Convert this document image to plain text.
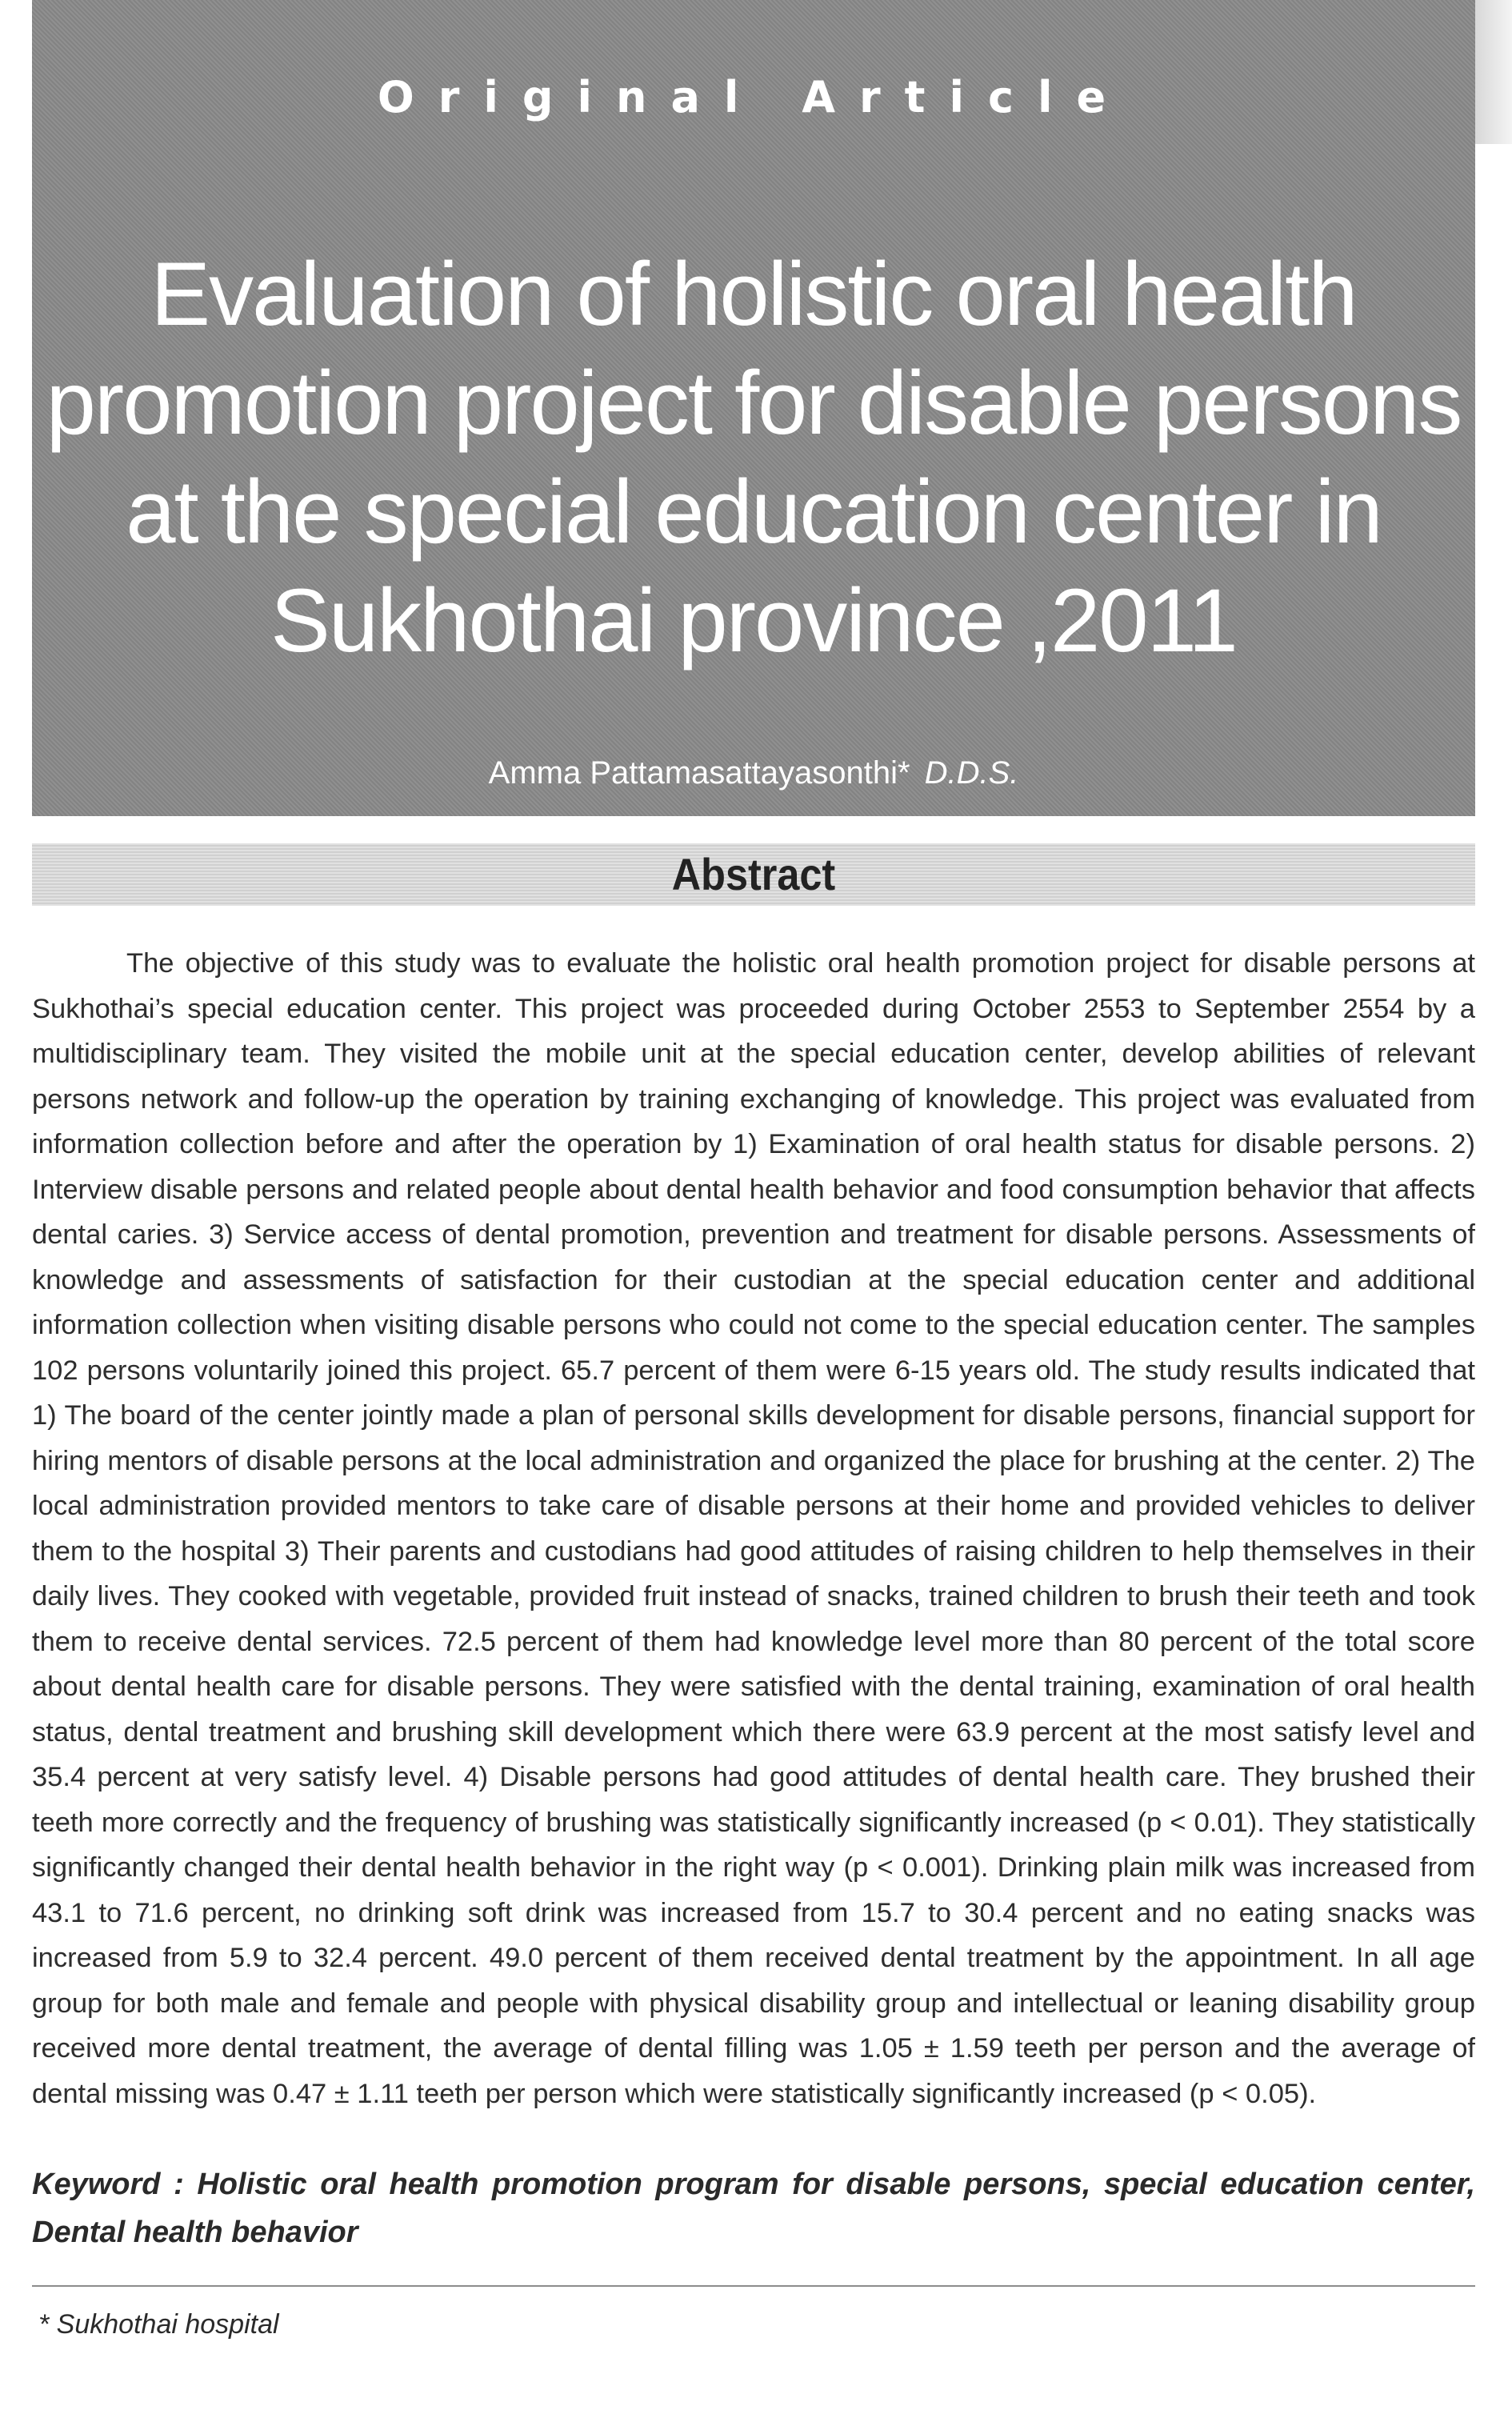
Original Article
Evaluation of holistic oral health
promotion project for disable persons
at the special education center in
Sukhothai province ,2011
Amma Pattamasattayasonthi* D.D.S.
Abstract

The objective of this study was to evaluate the holistic oral health promotion project for disable persons at Sukhothai’s special education center. This project was proceeded during October 2553 to September 2554 by a multidisciplinary team. They visited the mobile unit at the special education center, develop abilities of relevant persons network and follow-up the operation by training exchanging of knowledge. This project was evaluated from information collection before and after the operation by 1) Examination of oral health status for disable persons. 2) Interview disable persons and related people about dental health behavior and food consumption behavior that affects dental caries. 3) Service access of dental promotion, prevention and treatment for disable persons. Assessments of knowledge and assessments of satisfaction for their custodian at the special education center and additional information collection when visiting disable persons who could not come to the special education center. The samples 102 persons voluntarily joined this project. 65.7 percent of them were 6-15 years old. The study results indicated that 1) The board of the center jointly made a plan of personal skills development for disable persons, financial support for hiring mentors of disable persons at the local administration and organized the place for brushing at the center. 2) The local administration provided mentors to take care of disable persons at their home and provided vehicles to deliver them to the hospital 3) Their parents and custodians had good attitudes of raising children to help themselves in their daily lives. They cooked with vegetable, provided fruit instead of snacks, trained children to brush their teeth and took them to receive dental services. 72.5 percent of them had knowledge level more than 80 percent of the total score about dental health care for disable persons. They were satisfied with the dental training, examination of oral health status, dental treatment and brushing skill development which there were 63.9 percent at the most satisfy level and 35.4 percent at very satisfy level. 4) Disable persons had good attitudes of dental health care. They brushed their teeth more correctly and the frequency of brushing was statistically significantly increased (p < 0.01). They statistically significantly changed their dental health behavior in the right way (p < 0.001). Drinking plain milk was increased from 43.1 to 71.6 percent, no drinking soft drink was increased from 15.7 to 30.4 percent and no eating snacks was increased from 5.9 to 32.4 percent. 49.0 percent of them received dental treatment by the appointment. In all age group for both male and female and people with physical disability group and intellectual or leaning disability group received more dental treatment, the average of dental filling was 1.05 ± 1.59 teeth per person and the average of dental missing was 0.47 ± 1.11 teeth per person which were statistically significantly increased (p < 0.05).

Keyword : Holistic oral health promotion program for disable persons, special education center, Dental health behavior

* Sukhothai hospital
